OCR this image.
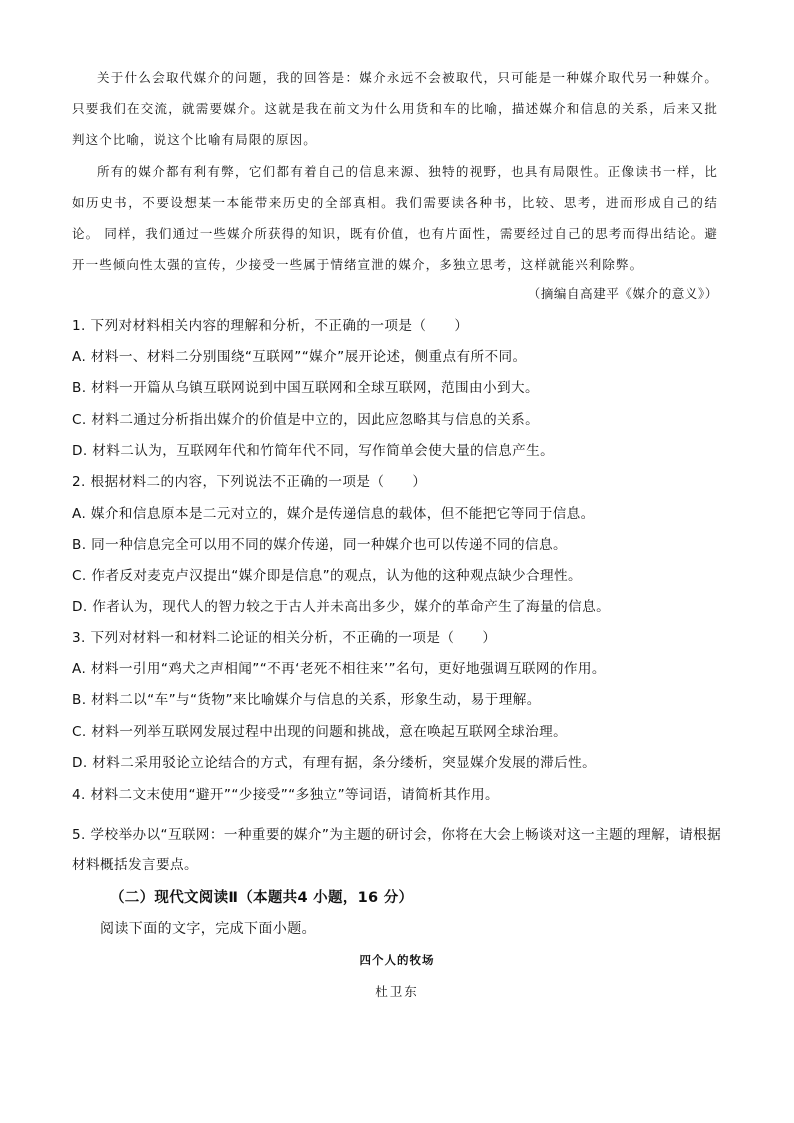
关于什么会取代媒介的问题，我的回答是：媒介永远不会被取代，只可能是一种媒介取代另一种媒介。只要我们在交流，就需要媒介。这就是我在前文为什么用货和车的比喻，描述媒介和信息的关系，后来又批判这个比喻，说这个比喻有局限的原因。

所有的媒介都有利有弊，它们都有着自己的信息来源、独特的视野，也具有局限性。正像读书一样，比如历史书，不要设想某一本能带来历史的全部真相。我们需要读各种书，比较、思考，进而形成自己的结论。 同样，我们通过一些媒介所获得的知识，既有价值，也有片面性，需要经过自己的思考而得出结论。避开一些倾向性太强的宣传，少接受一些属于情绪宣泄的媒介，多独立思考，这样就能兴利除弊。

（摘编自高建平《媒介的意义》）
1. 下列对材料相关内容的理解和分析，不正确的一项是（　　）
A. 材料一、材料二分别围绕“互联网”“媒介”展开论述，侧重点有所不同。
B. 材料一开篇从乌镇互联网说到中国互联网和全球互联网，范围由小到大。
C. 材料二通过分析指出媒介的价值是中立的，因此应忽略其与信息的关系。
D. 材料二认为，互联网年代和竹简年代不同，写作简单会使大量的信息产生。
2. 根据材料二的内容，下列说法不正确的一项是（　　）
A. 媒介和信息原本是二元对立的，媒介是传递信息的载体，但不能把它等同于信息。
B. 同一种信息完全可以用不同的媒介传递，同一种媒介也可以传递不同的信息。
C. 作者反对麦克卢汉提出“媒介即是信息”的观点，认为他的这种观点缺少合理性。
D. 作者认为，现代人的智力较之于古人并未高出多少，媒介的革命产生了海量的信息。
3. 下列对材料一和材料二论证的相关分析，不正确的一项是（　　）
A. 材料一引用“鸡犬之声相闻”“不再‘老死不相往来’”名句，更好地强调互联网的作用。
B. 材料二以“车”与“货物”来比喻媒介与信息的关系，形象生动，易于理解。
C. 材料一列举互联网发展过程中出现的问题和挑战，意在唤起互联网全球治理。
D. 材料二采用驳论立论结合的方式，有理有据，条分缕析，突显媒介发展的滞后性。
4. 材料二文末使用“避开”“少接受”“多独立”等词语，请简析其作用。
5. 学校举办以“互联网：一种重要的媒介”为主题的研讨会，你将在大会上畅谈对这一主题的理解，请根据材料概括发言要点。
（二）现代文阅读Ⅱ（本题共4 小题，16 分）
阅读下面的文字，完成下面小题。
四个人的牧场
杜卫东
